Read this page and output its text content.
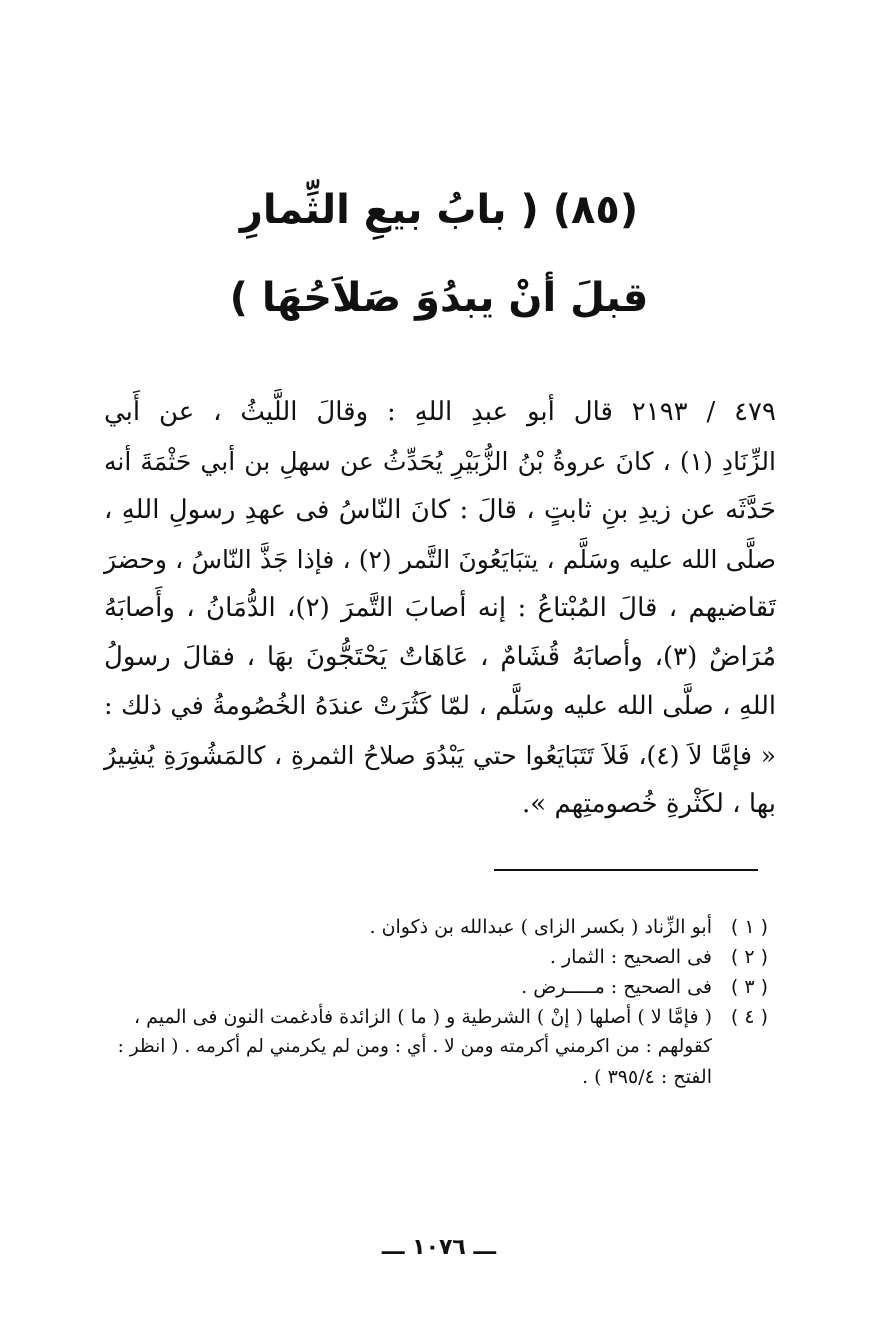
(٨٥) ( بابُ بيعِ الثِّمارِ
قبلَ أنْ يبدُوَ صَلاَحُهَا )
٤٧٩ / ٢١٩٣ قال أبو عبدِ اللهِ : وقالَ اللَّيثُ ، عن أَبي
الزِّنَادِ (١) ، كانَ عروةُ بْنُ الزُّبَيْرِ يُحَدِّثُ عن سهلِ بن أبي حَثْمَةَ أنه
حَدَّثَه عن زيدِ بنِ ثابتٍ ، قالَ : كانَ النّاسُ فى عهدِ رسولِ اللهِ ،
صلَّى الله عليه وسَلَّم ، يتبَايَعُونَ التَّمر (٢) ، فإذا جَذَّ النّاسُ ، وحضرَ
تَقاضيهم ، قالَ المُبْتاعُ : إنه أصابَ التَّمرَ (٢)، الدُّمَانُ ، وأَصابَهُ
مُرَاضٌ (٣)، وأصابَهُ قُشَامٌ ، عَاهَاتٌ يَحْتَجُّونَ بهَا ، فقالَ رسولُ
اللهِ ، صلَّى الله عليه وسَلَّم ، لمّا كَثُرَتْ عندَهُ الخُصُومةُ في ذلك :
« فإمَّا لاَ (٤)، فَلاَ تَتَبَايَعُوا حتي يَبْدُوَ صلاحُ الثمرةِ ، كالمَشُورَةِ يُشِيرُ
بها ، لكَثْرةِ خُصومتِهم ».
( ١ )
أبو الزِّناد ( بكسر الزاى ) عبدالله بن ذكوان .
( ٢ )
فى الصحيح : الثمار .
( ٣ )
فى الصحيح : مـــــرض .
( ٤ )
( فإمَّا لا ) أصلها ( إنْ ) الشرطية و ( ما ) الزائدة فأدغمت النون فى الميم ،
كقولهم : من اكرمني أكرمته ومن لا . أي : ومن لم يكرمني لم أكرمه . ( انظر :
الفتح : ٣٩٥/٤ ) .
ـــ ١٠٧٦ ـــ
